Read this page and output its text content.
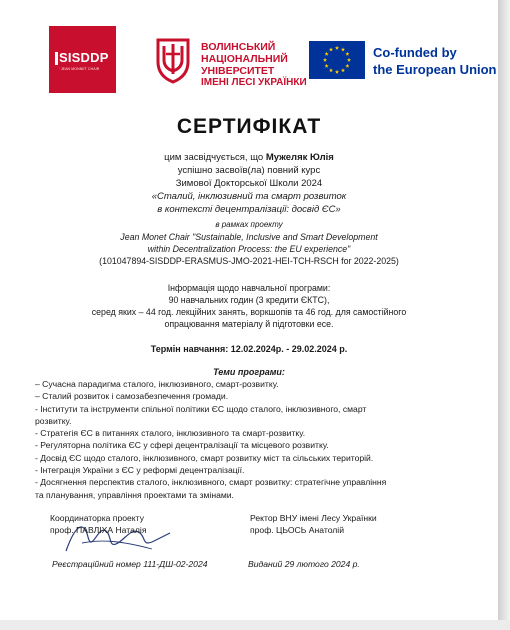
SISDDP
’ JEAN MONNET CHAIR
ВОЛИНСЬКИЙ
НАЦІОНАЛЬНИЙ
УНІВЕРСИТЕТ
ІМЕНІ ЛЕСІ УКРАЇНКИ
Co-funded by
the European Union
СЕРТИФІКАТ
цим засвідчується, що Мужеляк Юлія
успішно засвоїв(ла) повний курс
Зимової Докторської Школи 2024
«Сталий, інклюзивний та смарт розвиток
в контексті децентралізації: досвід ЄС»
в рамках проекту
Jean Monet Chair "Sustainable, Inclusive and Smart Development
within Decentralization Process: the EU experience"
(101047894-SISDDP-ERASMUS-JMO-2021-HEI-TCH-RSCH for 2022-2025)
Інформація щодо навчальної програми:
90 навчальних годин (3 кредити ЄКТС),
серед яких – 44 год. лекційних занять, воркшопів та 46 год. для самостійного
опрацювання матеріалу й підготовки есе.
Термін навчання: 12.02.2024р. - 29.02.2024 р.
Теми програми:
– Сучасна парадигма сталого, інклюзивного, смарт-розвитку.
– Сталий розвиток і самозабезпечення громади.
- Інститути та інструменти спільної політики ЄС щодо сталого, інклюзивного, смарт
розвитку.
- Стратегія ЄС в питаннях сталого, інклюзивного та смарт-розвитку.
- Регуляторна політика ЄС у сфері децентралізації та місцевого розвитку.
- Досвід ЄС щодо сталого, інклюзивного, смарт розвитку міст та сільських територій.
- Інтеграція України з ЄС у реформі децентралізації.
- Досягнення перспектив сталого, інклюзивного, смарт розвитку: стратегічне управління
та планування, управління проектами та змінами.
Координаторка проекту
проф. ПАВЛІХА Наталія
Ректор ВНУ імені Лесу Українки
проф. ЦЬОСЬ Анатолій
Реєстраційний номер 111-ДШ-02-2024	Виданий 29 лютого 2024 р.
